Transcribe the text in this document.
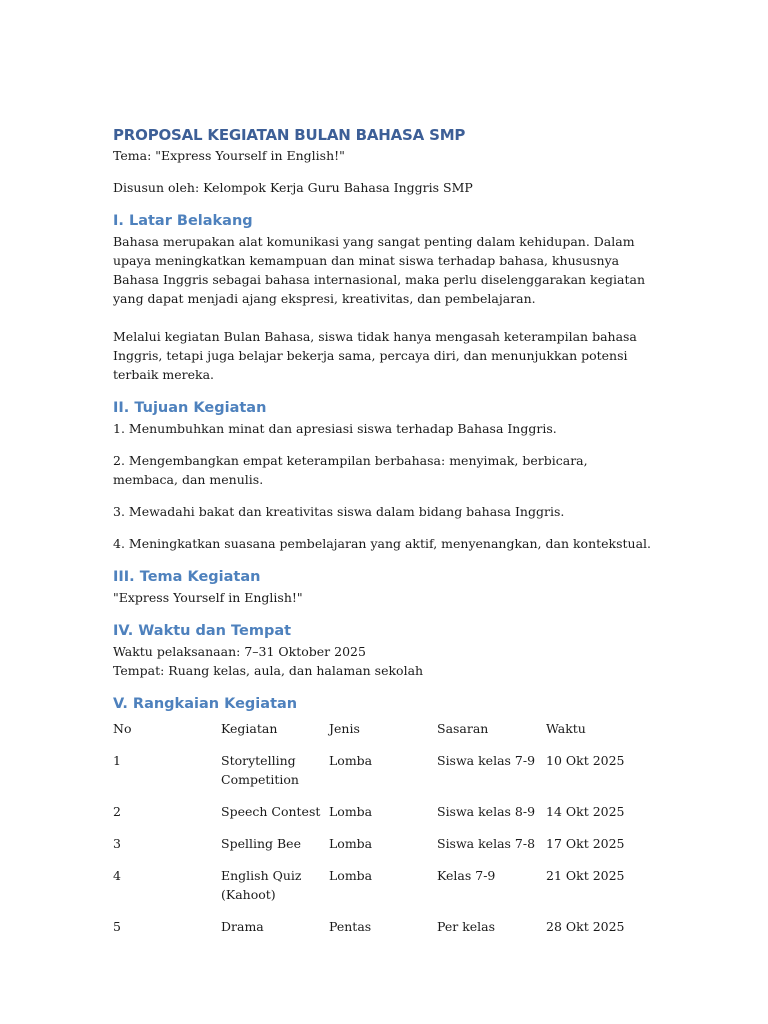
PROPOSAL KEGIATAN BULAN BAHASA SMP

Tema: "Express Yourself in English!"

Disusun oleh: Kelompok Kerja Guru Bahasa Inggris SMP

I. Latar Belakang

Bahasa merupakan alat komunikasi yang sangat penting dalam kehidupan. Dalam upaya meningkatkan kemampuan dan minat siswa terhadap bahasa, khususnya Bahasa Inggris sebagai bahasa internasional, maka perlu diselenggarakan kegiatan yang dapat menjadi ajang ekspresi, kreativitas, dan pembelajaran.

Melalui kegiatan Bulan Bahasa, siswa tidak hanya mengasah keterampilan bahasa Inggris, tetapi juga belajar bekerja sama, percaya diri, dan menunjukkan potensi terbaik mereka.

II. Tujuan Kegiatan

1. Menumbuhkan minat dan apresiasi siswa terhadap Bahasa Inggris.

2. Mengembangkan empat keterampilan berbahasa: menyimak, berbicara, membaca, dan menulis.

3. Mewadahi bakat dan kreativitas siswa dalam bidang bahasa Inggris.

4. Meningkatkan suasana pembelajaran yang aktif, menyenangkan, dan kontekstual.

III. Tema Kegiatan

"Express Yourself in English!"

IV. Waktu dan Tempat

Waktu pelaksanaan: 7–31 Oktober 2025

Tempat: Ruang kelas, aula, dan halaman sekolah

V. Rangkaian Kegiatan
No	Kegiatan	Jenis	Sasaran	Waktu
1	Storytelling Competition	Lomba	Siswa kelas 7-9	10 Okt 2025
2	Speech Contest	Lomba	Siswa kelas 8-9	14 Okt 2025
3	Spelling Bee	Lomba	Siswa kelas 7-8	17 Okt 2025
4	English Quiz (Kahoot)	Lomba	Kelas 7-9	21 Okt 2025
5	Drama	Pentas	Per kelas	28 Okt 2025
